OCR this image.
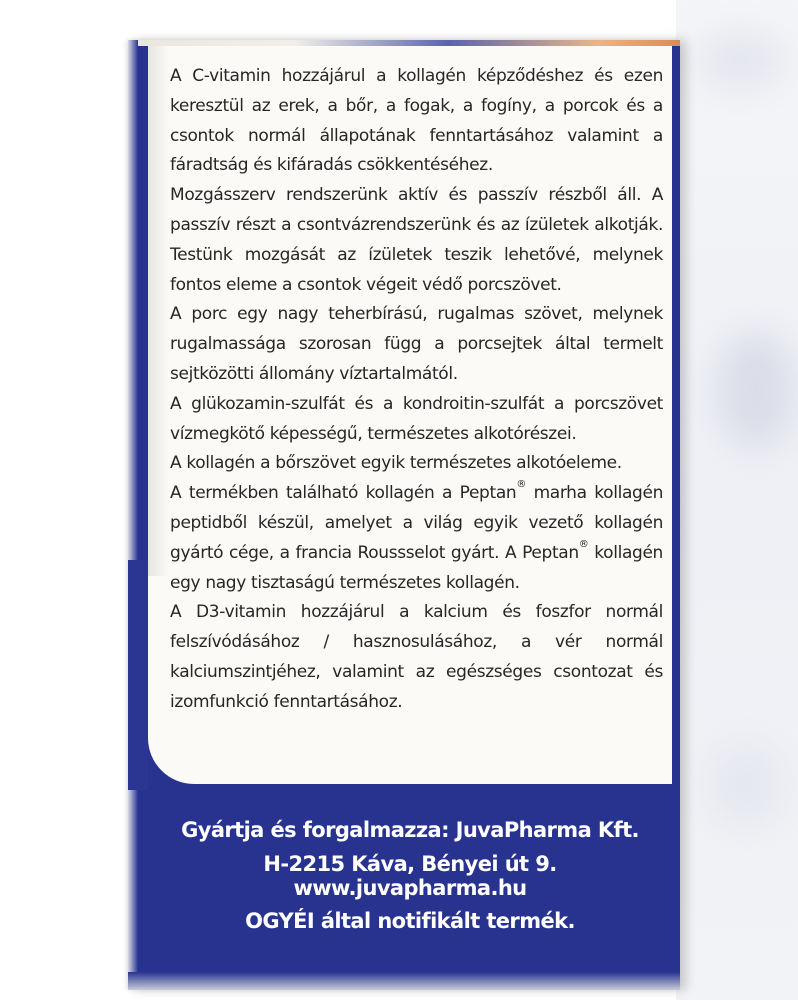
A C-vitamin hozzájárul a kollagén képződéshez és ezen keresztül az erek, a bőr, a fogak, a fogíny, a porcok és a csontok normál állapotának fenntartásához valamint a fáradtság és kifáradás csökkentéséhez.

Mozgásszerv rendszerünk aktív és passzív részből áll. A passzív részt a csontvázrendszerünk és az ízületek alkotják. Testünk mozgását az ízületek teszik lehetővé, melynek fontos eleme a csontok végeit védő porcszövet.

A porc egy nagy teherbírású, rugalmas szövet, melynek rugalmassága szorosan függ a porcsejtek által termelt sejtközötti állomány víztartalmától.

A glükozamin-szulfát és a kondroitin-szulfát a porcszövet vízmegkötő képességű, természetes alkotórészei.

A kollagén a bőrszövet egyik természetes alkotóeleme.

A termékben található kollagén a Peptan® marha kollagén peptidből készül, amelyet a világ egyik vezető kollagén gyártó cége, a francia Roussselot gyárt. A Peptan® kollagén egy nagy tisztaságú természetes kollagén.

A D3-vitamin hozzájárul a kalcium és foszfor normál felszívódásához / hasznosulásához, a vér normál kalciumszintjéhez, valamint az egészséges csontozat és izomfunkció fenntartásához.

Gyártja és forgalmazza: JuvaPharma Kft.
H-2215 Káva, Bényei út 9. www.juvapharma.hu
OGYÉI által notifikált termék.
